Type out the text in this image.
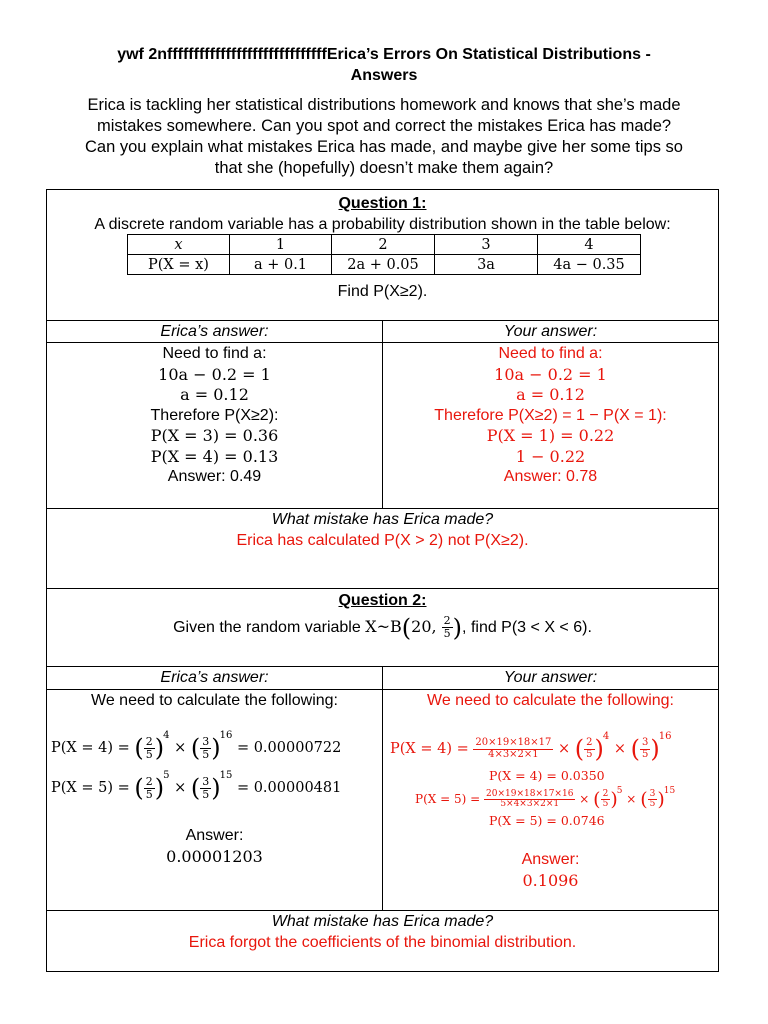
ywf 2nffffffffffffffffffffffffffffffErica’s Errors On Statistical Distributions -
Answers
Erica is tackling her statistical distributions homework and knows that she’s made
mistakes somewhere. Can you spot and correct the mistakes Erica has made?
Can you explain what mistakes Erica has made, and maybe give her some tips so
that she (hopefully) doesn’t make them again?
Question 1:
A discrete random variable has a probability distribution shown in the table below:
x	1	2	3	4
P(X = x)	a + 0.1	2a + 0.05	3a	4a − 0.35
Find P(X≥2).
Erica’s answer:	Your answer:
Need to find a:
10a − 0.2 = 1
a = 0.12
Therefore P(X≥2):
P(X = 3) = 0.36
P(X = 4) = 0.13
Answer: 0.49
Need to find a:
10a − 0.2 = 1
a = 0.12
Therefore P(X≥2) = 1 − P(X = 1):
P(X = 1) = 0.22
1 − 0.22
Answer: 0.78
What mistake has Erica made?
Erica has calculated P(X > 2) not P(X≥2).
Question 2:
Given the random variable X~B(20, $\frac{2}{5}$ ), find P(3 < X < 6).
Erica’s answer:	Your answer:
We need to calculate the following:
P(X = 4) = ( $\frac{2}{5} )^4$ × ( $\frac{3}{5} )^{16} = 0.00000722$
P(X = 5) = ( $\frac{2}{5} )^5$ × ( $\frac{3}{5} )^{15} = 0.00000481$
Answer:
0.00001203
We need to calculate the following:
$P(X = 4) = \frac{20\times 19\times 18\times 17}{4\times 3\times 2\times 1}$ × ( $\frac{2}{5} )^4$ × ( $\frac{3}{5} )^{16}$
P(X = 4) = 0.0350
$P(X = 5) = \frac{20\times 19\times 18\times 17\times 16}{5\times 4\times 3\times 2\times 1}$ × ( $\frac{2}{5} )^5$ × ( $\frac{3}{5} )^{15}$
P(X = 5) = 0.0746
Answer:
0.1096
What mistake has Erica made?
Erica forgot the coefficients of the binomial distribution.
